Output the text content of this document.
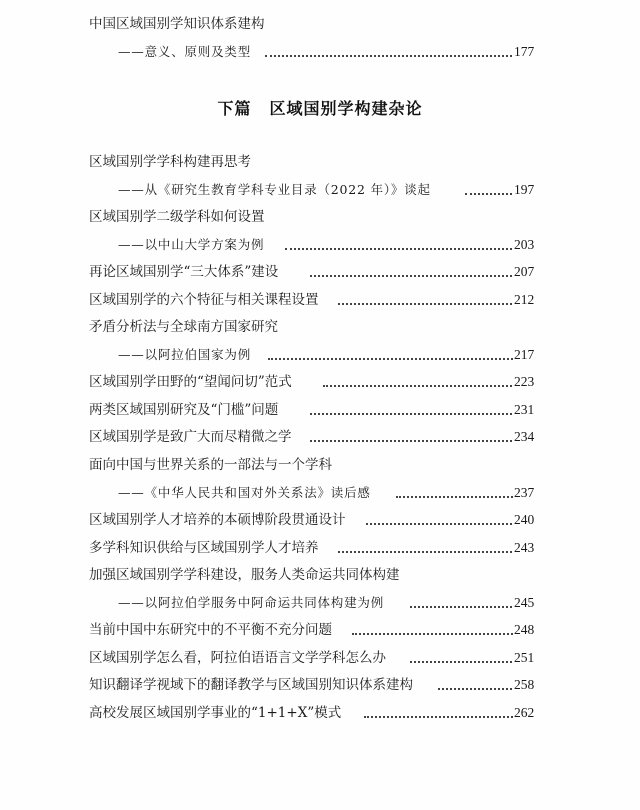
中国区域国别学知识体系建构
——意义、原则及类型	177
下篇 区域国别学构建杂论
区域国别学学科构建再思考
——从《研究生教育学科专业目录（2022 年）》谈起	197
区域国别学二级学科如何设置
——以中山大学方案为例	203
再论区域国别学“三大体系”建设	207
区域国别学的六个特征与相关课程设置	212
矛盾分析法与全球南方国家研究
——以阿拉伯国家为例	217
区域国别学田野的“望闻问切”范式	223
两类区域国别研究及“门槛”问题	231
区域国别学是致广大而尽精微之学	234
面向中国与世界关系的一部法与一个学科
——《中华人民共和国对外关系法》读后感	237
区域国别学人才培养的本硕博阶段贯通设计	240
多学科知识供给与区域国别学人才培养	243
加强区域国别学学科建设，服务人类命运共同体构建
——以阿拉伯学服务中阿命运共同体构建为例	245
当前中国中东研究中的不平衡不充分问题	248
区域国别学怎么看，阿拉伯语语言文学学科怎么办	251
知识翻译学视域下的翻译教学与区域国别知识体系建构	258
高校发展区域国别学事业的“1+1+X”模式	262
